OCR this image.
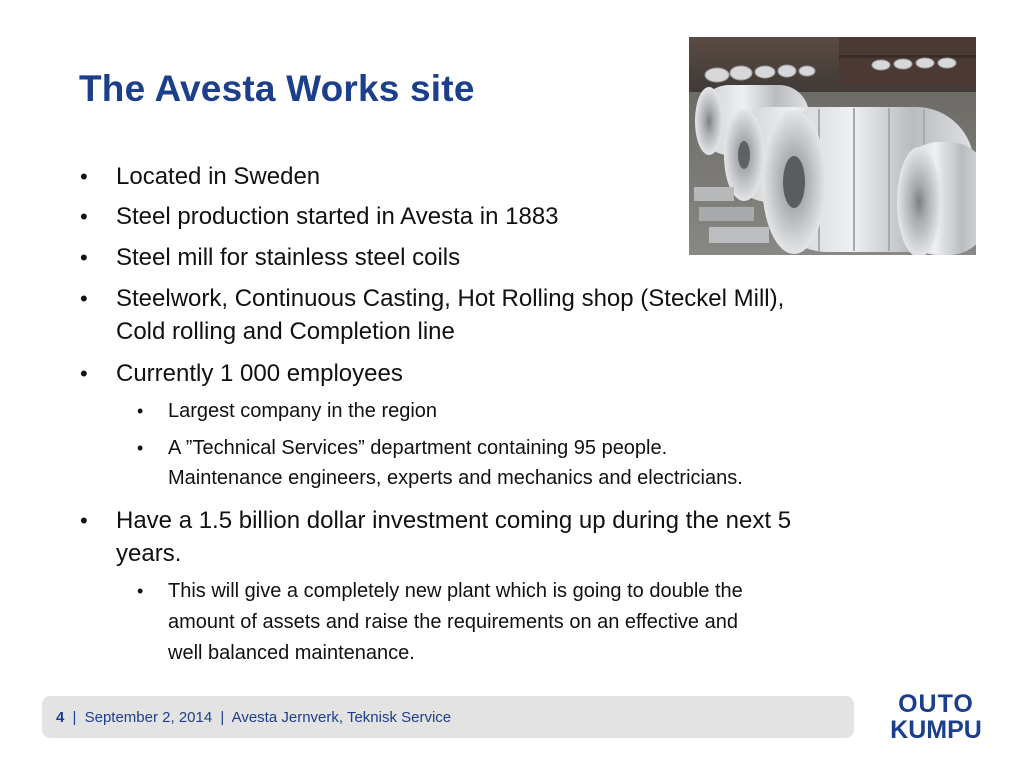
The Avesta Works site
• Located in Sweden
• Steel production started in Avesta in 1883
• Steel mill for stainless steel coils
• Steelwork, Continuous Casting, Hot Rolling shop (Steckel Mill),
Cold rolling and Completion line
• Currently 1 000 employees
• Largest company in the region
• A ”Technical Services” department containing 95 people.
Maintenance engineers, experts and mechanics and electricians.
• Have a 1.5 billion dollar investment coming up during the next 5
years.
• This will give a completely new plant which is going to double the
amount of assets and raise the requirements on an effective and
well balanced maintenance.
4 | September 2, 2014 | Avesta Jernverk, Teknisk Service	OUTO
KUMPU
